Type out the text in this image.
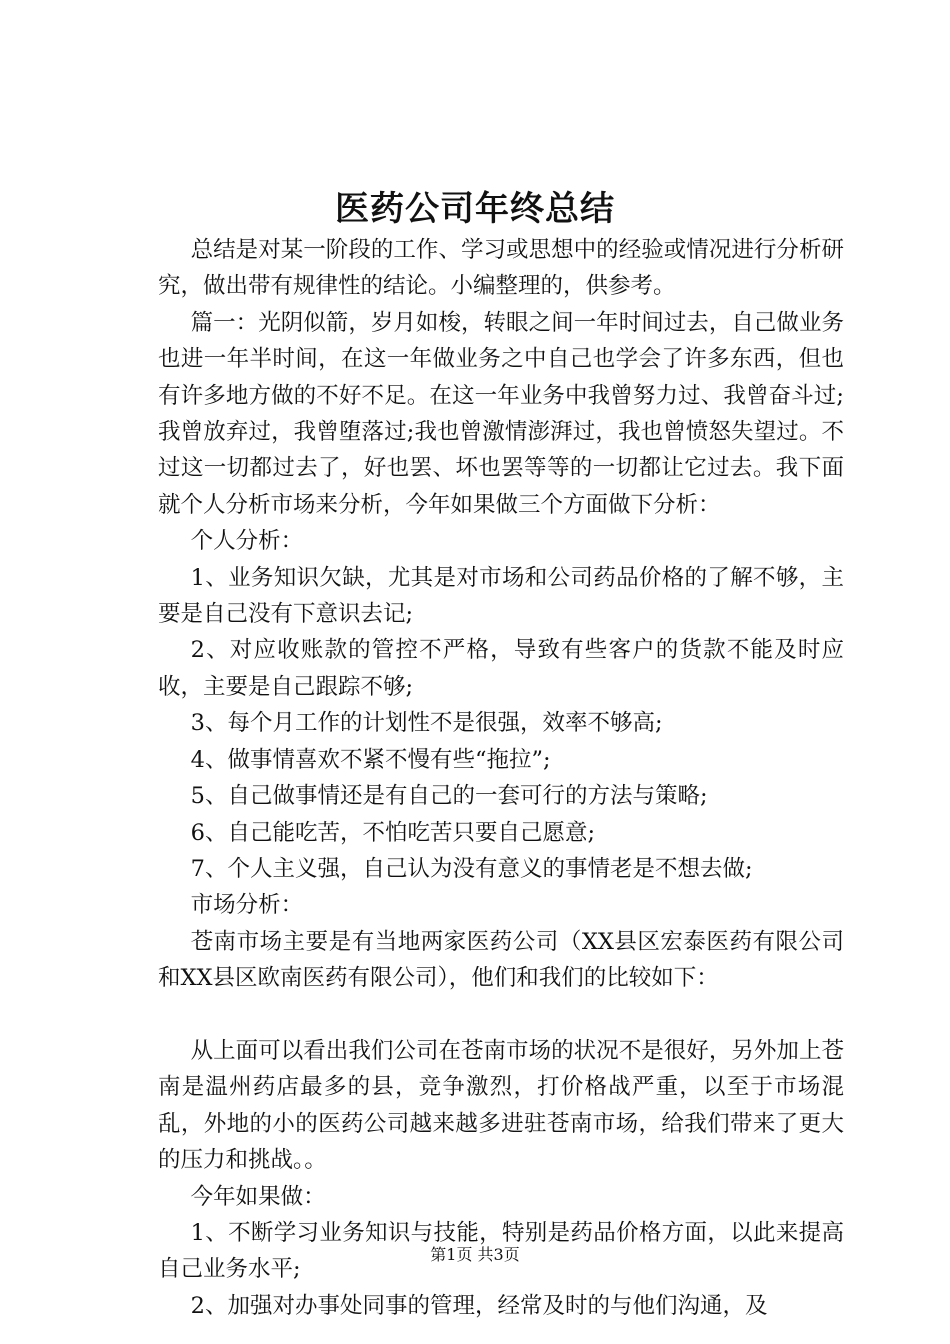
医药公司年终总结

总结是对某一阶段的工作、学习或思想中的经验或情况进行分析研究，做出带有规律性的结论。小编整理的，供参考。

篇一：光阴似箭，岁月如梭，转眼之间一年时间过去，自己做业务也进一年半时间，在这一年做业务之中自己也学会了许多东西，但也有许多地方做的不好不足。在这一年业务中我曾努力过、我曾奋斗过;我曾放弃过，我曾堕落过;我也曾激情澎湃过，我也曾愤怒失望过。不过这一切都过去了，好也罢、坏也罢等等的一切都让它过去。我下面就个人分析市场来分析，今年如果做三个方面做下分析：

个人分析：

1、业务知识欠缺，尤其是对市场和公司药品价格的了解不够，主要是自己没有下意识去记;

2、对应收账款的管控不严格，导致有些客户的货款不能及时应收，主要是自己跟踪不够;

3、每个月工作的计划性不是很强，效率不够高;

4、做事情喜欢不紧不慢有些“拖拉”;

5、自己做事情还是有自己的一套可行的方法与策略;

6、自己能吃苦，不怕吃苦只要自己愿意;

7、个人主义强，自己认为没有意义的事情老是不想去做;

市场分析：

苍南市场主要是有当地两家医药公司（XX县区宏泰医药有限公司和XX县区欧南医药有限公司），他们和我们的比较如下：

从上面可以看出我们公司在苍南市场的状况不是很好，另外加上苍南是温州药店最多的县，竞争激烈，打价格战严重，以至于市场混乱，外地的小的医药公司越来越多进驻苍南市场，给我们带来了更大的压力和挑战。。

今年如果做：

1、不断学习业务知识与技能，特别是药品价格方面，以此来提高自己业务水平;

2、加强对办事处同事的管理，经常及时的与他们沟通，及

第1页 共3页
